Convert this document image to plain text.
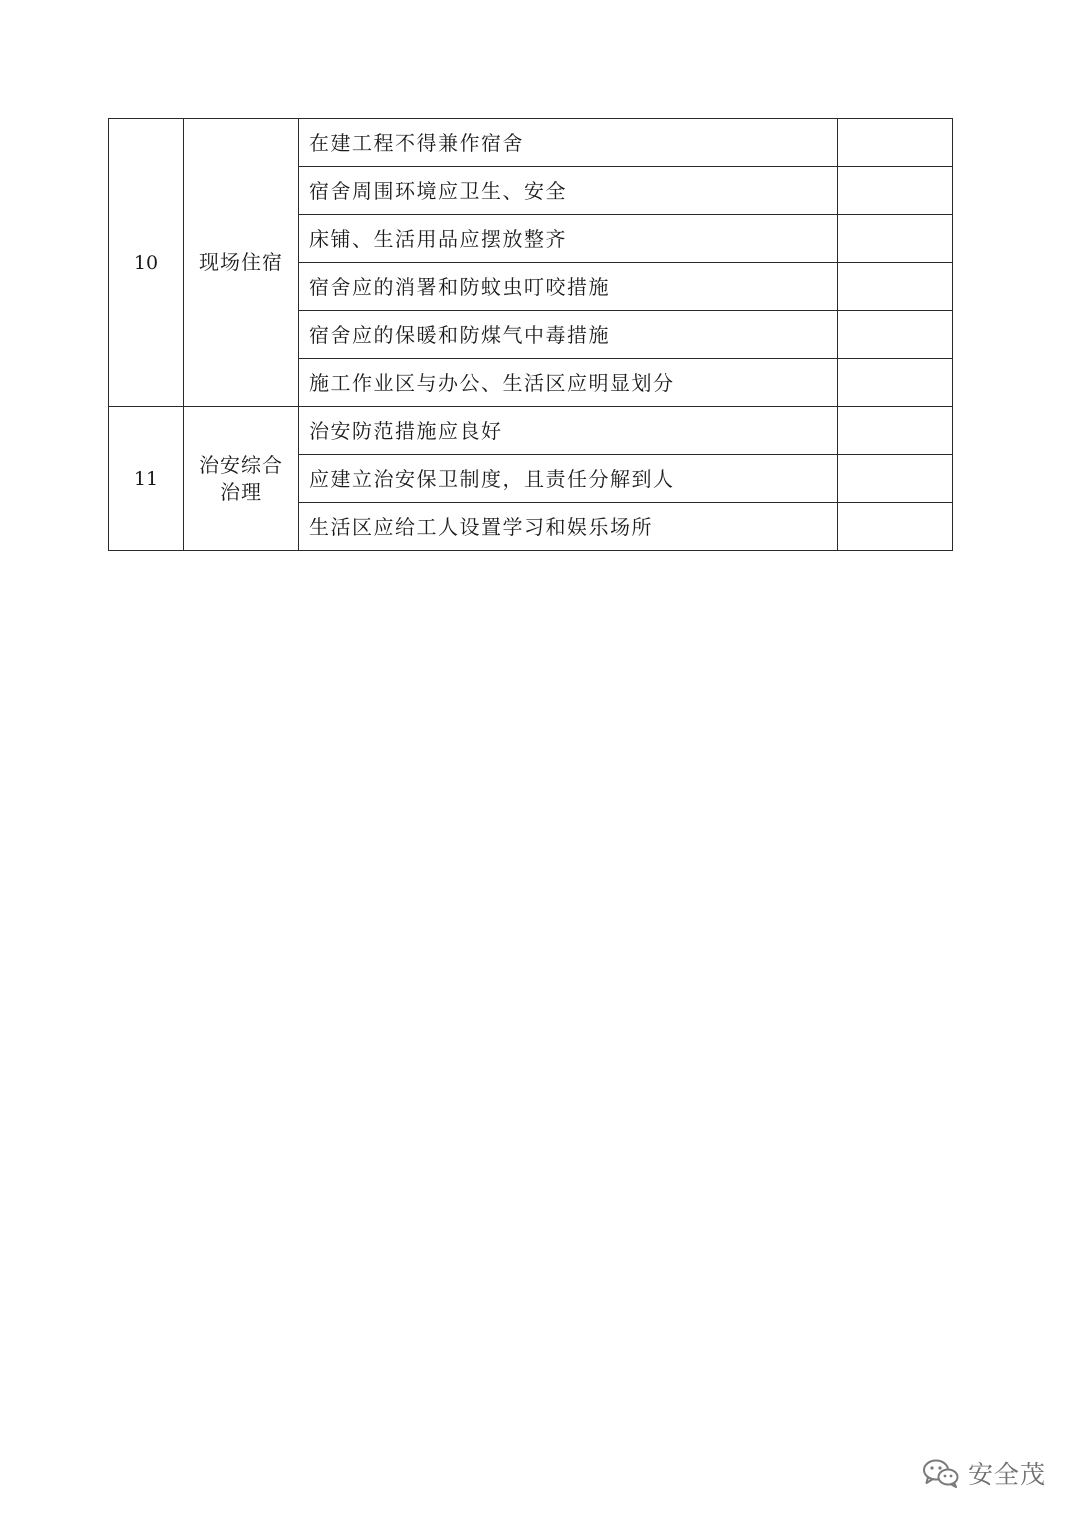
10	现场住宿	在建工程不得兼作宿舍	

		宿舍周围环境应卫生、安全	

		床铺、生活用品应摆放整齐	

		宿舍应的消署和防蚊虫叮咬措施	

		宿舍应的保暖和防煤气中毒措施	

		施工作业区与办公、生活区应明显划分	

11	治安综合治理	治安防范措施应良好	

		应建立治安保卫制度，且责任分解到人	

		生活区应给工人设置学习和娱乐场所	

安全茂
